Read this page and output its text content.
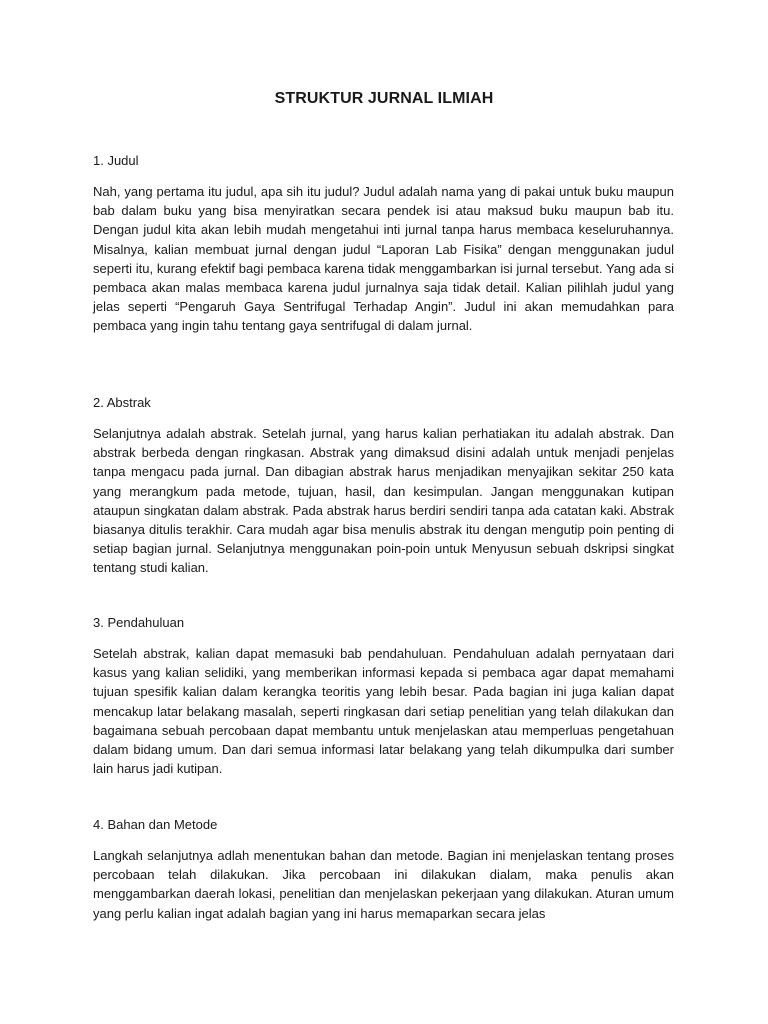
STRUKTUR JURNAL ILMIAH

1. Judul

Nah, yang pertama itu judul, apa sih itu judul? Judul adalah nama yang di pakai untuk buku maupun bab dalam buku yang bisa menyiratkan secara pendek isi atau maksud buku maupun bab itu. Dengan judul kita akan lebih mudah mengetahui inti jurnal tanpa harus membaca keseluruhannya. Misalnya, kalian membuat jurnal dengan judul “Laporan Lab Fisika” dengan menggunakan judul seperti itu, kurang efektif bagi pembaca karena tidak menggambarkan isi jurnal tersebut. Yang ada si pembaca akan malas membaca karena judul jurnalnya saja tidak detail. Kalian pilihlah judul yang jelas seperti “Pengaruh Gaya Sentrifugal Terhadap Angin”. Judul ini akan memudahkan para pembaca yang ingin tahu tentang gaya sentrifugal di dalam jurnal.

2. Abstrak

Selanjutnya adalah abstrak. Setelah jurnal, yang harus kalian perhatiakan itu adalah abstrak. Dan abstrak berbeda dengan ringkasan. Abstrak yang dimaksud disini adalah untuk menjadi penjelas tanpa mengacu pada jurnal. Dan dibagian abstrak harus menjadikan menyajikan sekitar 250 kata yang merangkum pada metode, tujuan, hasil, dan kesimpulan. Jangan menggunakan kutipan ataupun singkatan dalam abstrak. Pada abstrak harus berdiri sendiri tanpa ada catatan kaki. Abstrak biasanya ditulis terakhir. Cara mudah agar bisa menulis abstrak itu dengan mengutip poin penting di setiap bagian jurnal. Selanjutnya menggunakan poin-poin untuk Menyusun sebuah dskripsi singkat tentang studi kalian.

3. Pendahuluan

Setelah abstrak, kalian dapat memasuki bab pendahuluan. Pendahuluan adalah pernyataan dari kasus yang kalian selidiki, yang memberikan informasi kepada si pembaca agar dapat memahami tujuan spesifik kalian dalam kerangka teoritis yang lebih besar. Pada bagian ini juga kalian dapat mencakup latar belakang masalah, seperti ringkasan dari setiap penelitian yang telah dilakukan dan bagaimana sebuah percobaan dapat membantu untuk menjelaskan atau memperluas pengetahuan dalam bidang umum. Dan dari semua informasi latar belakang yang telah dikumpulka dari sumber lain harus jadi kutipan.

4. Bahan dan Metode

Langkah selanjutnya adlah menentukan bahan dan metode. Bagian ini menjelaskan tentang proses percobaan telah dilakukan. Jika percobaan ini dilakukan dialam, maka penulis akan menggambarkan daerah lokasi, penelitian dan menjelaskan pekerjaan yang dilakukan. Aturan umum yang perlu kalian ingat adalah bagian yang ini harus memaparkan secara jelas
